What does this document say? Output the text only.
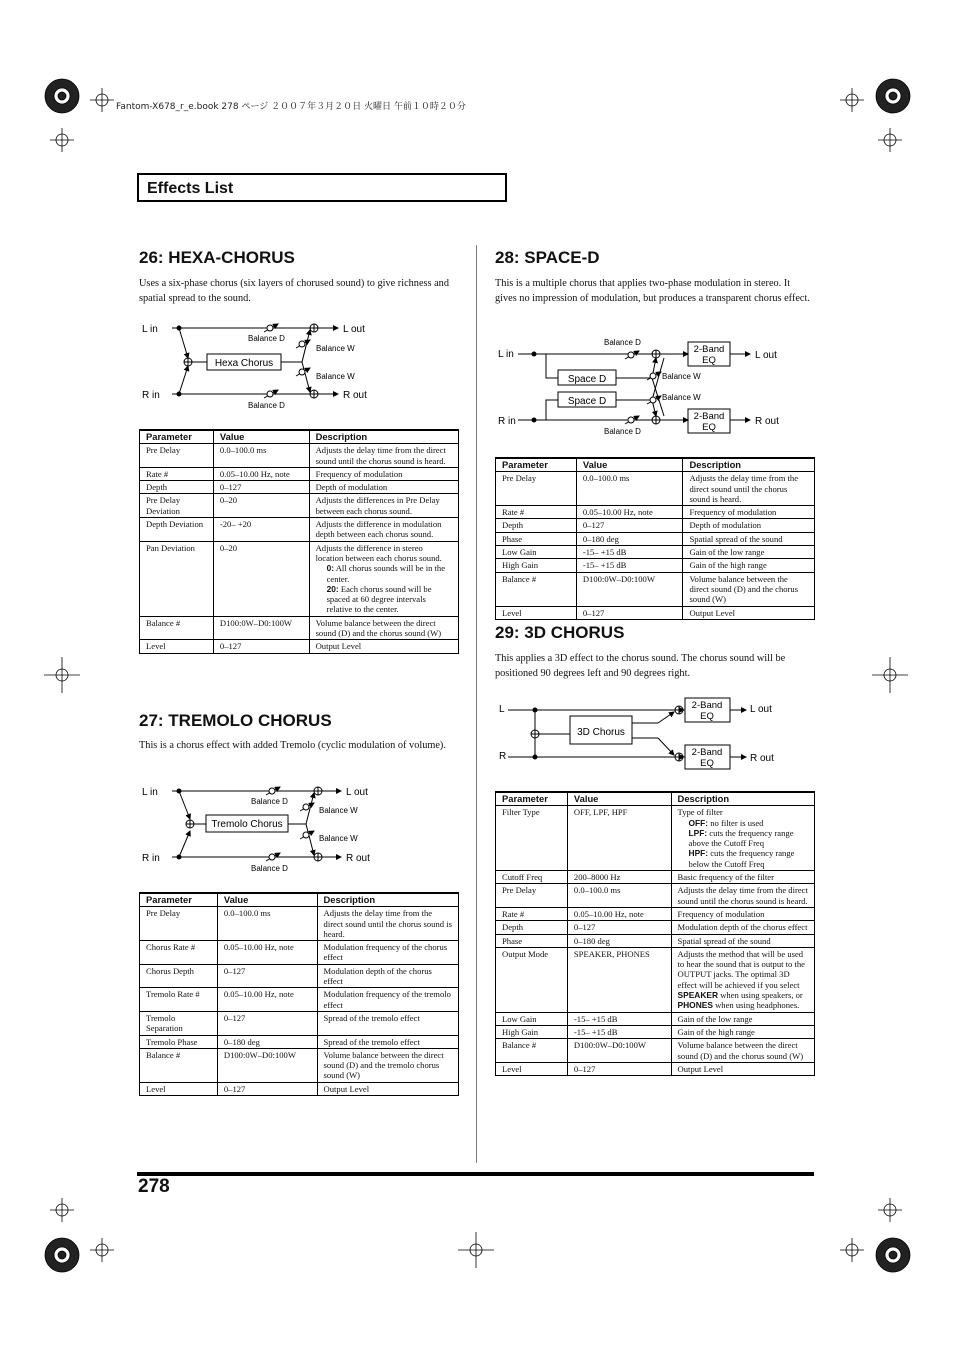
Fantom-X678_r_e.book 278 ページ ２００７年３月２０日 火曜日 午前１０時２０分
Effects List
26: HEXA-CHORUS

Uses a six-phase chorus (six layers of chorused sound) to give richness and spatial spread to the sound.

L in
R in
L out
R out
Hexa Chorus
Balance D
Balance D
Balance W
Balance W
Parameter	Value	Description
Pre Delay	0.0–100.0 ms	Adjusts the delay time from the direct sound until the chorus sound is heard.
Rate #	0.05–10.00 Hz, note	Frequency of modulation
Depth	0–127	Depth of modulation
Pre Delay Deviation	0–20	Adjusts the differences in Pre Delay between each chorus sound.
Depth Deviation	-20– +20	Adjusts the difference in modulation depth between each chorus sound.
Pan Deviation	0–20	Adjusts the difference in stereo location between each chorus sound.
0: All chorus sounds will be in the center.
20: Each chorus sound will be spaced at 60 degree intervals relative to the center.

Balance #	D100:0W–D0:100W	Volume balance between the direct sound (D) and the chorus sound (W)
Level	0–127	Output Level
27: TREMOLO CHORUS

This is a chorus effect with added Tremolo (cyclic modulation of volume).

L in
R in
L out
R out
Tremolo Chorus
Balance D
Balance D
Balance W
Balance W
Parameter	Value	Description
Pre Delay	0.0–100.0 ms	Adjusts the delay time from the direct sound until the chorus sound is heard.
Chorus Rate #	0.05–10.00 Hz, note	Modulation frequency of the chorus effect
Chorus Depth	0–127	Modulation depth of the chorus effect
Tremolo Rate #	0.05–10.00 Hz, note	Modulation frequency of the tremolo effect
Tremolo Separation	0–127	Spread of the tremolo effect
Tremolo Phase	0–180 deg	Spread of the tremolo effect
Balance #	D100:0W–D0:100W	Volume balance between the direct sound (D) and the tremolo chorus sound (W)
Level	0–127	Output Level
28: SPACE-D

This is a multiple chorus that applies two-phase modulation in stereo. It gives no impression of modulation, but produces a transparent chorus effect.

L in
R in
L out
R out
Space D
Space D
2-Band
EQ
2-Band
EQ
Balance D
Balance D
Balance W
Balance W
Parameter	Value	Description
Pre Delay	0.0–100.0 ms	Adjusts the delay time from the direct sound until the chorus sound is heard.
Rate #	0.05–10.00 Hz, note	Frequency of modulation
Depth	0–127	Depth of modulation
Phase	0–180 deg	Spatial spread of the sound
Low Gain	-15– +15 dB	Gain of the low range
High Gain	-15– +15 dB	Gain of the high range
Balance #	D100:0W–D0:100W	Volume balance between the direct sound (D) and the chorus sound (W)
Level	0–127	Output Level
29: 3D CHORUS

This applies a 3D effect to the chorus sound. The chorus sound will be positioned 90 degrees left and 90 degrees right.

L
R
L out
R out
3D Chorus
2-Band
EQ
2-Band
EQ
Parameter	Value	Description
Filter Type	OFF, LPF, HPF	Type of filter
OFF: no filter is used
LPF: cuts the frequency range above the Cutoff Freq
HPF: cuts the frequency range below the Cutoff Freq

Cutoff Freq	200–8000 Hz	Basic frequency of the filter
Pre Delay	0.0–100.0 ms	Adjusts the delay time from the direct sound until the chorus sound is heard.
Rate #	0.05–10.00 Hz, note	Frequency of modulation
Depth	0–127	Modulation depth of the chorus effect
Phase	0–180 deg	Spatial spread of the sound
Output Mode	SPEAKER, PHONES	Adjusts the method that will be used to hear the sound that is output to the OUTPUT jacks. The optimal 3D effect will be achieved if you select SPEAKER when using speakers, or PHONES when using headphones.
Low Gain	-15– +15 dB	Gain of the low range
High Gain	-15– +15 dB	Gain of the high range
Balance #	D100:0W–D0:100W	Volume balance between the direct sound (D) and the chorus sound (W)
Level	0–127	Output Level
278
